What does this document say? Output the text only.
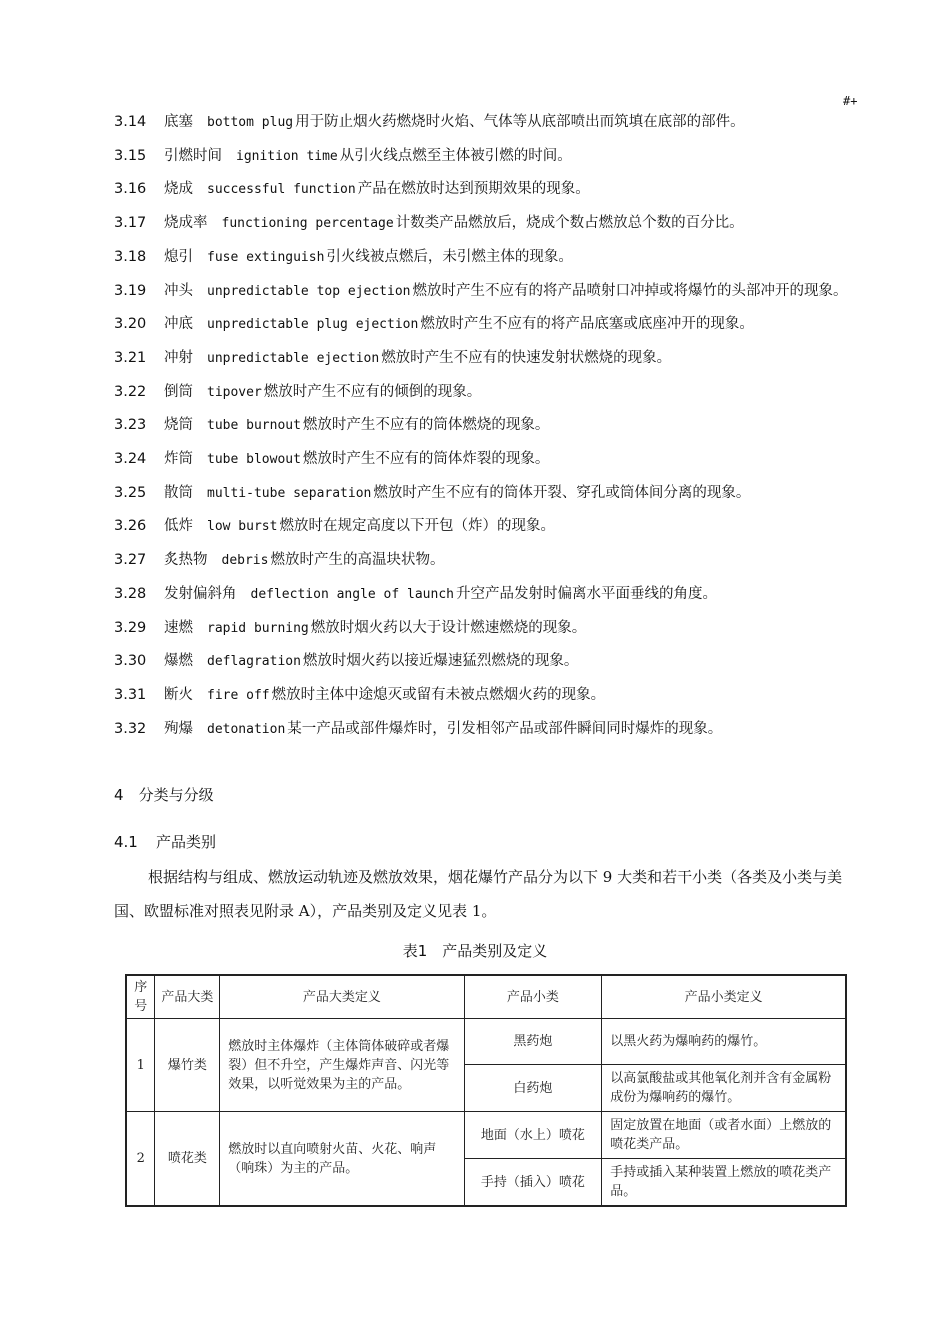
#+
3.14 底塞 bottom plug 用于防止烟火药燃烧时火焰、气体等从底部喷出而筑填在底部的部件。
3.15 引燃时间 ignition time 从引火线点燃至主体被引燃的时间。
3.16 烧成 successful function 产品在燃放时达到预期效果的现象。
3.17 烧成率 functioning percentage 计数类产品燃放后，烧成个数占燃放总个数的百分比。
3.18 熄引 fuse extinguish 引火线被点燃后，未引燃主体的现象。
3.19 冲头 unpredictable top ejection 燃放时产生不应有的将产品喷射口冲掉或将爆竹的头部冲开的现象。
3.20 冲底 unpredictable plug ejection 燃放时产生不应有的将产品底塞或底座冲开的现象。
3.21 冲射 unpredictable ejection 燃放时产生不应有的快速发射状燃烧的现象。
3.22 倒筒 tipover 燃放时产生不应有的倾倒的现象。
3.23 烧筒 tube burnout 燃放时产生不应有的筒体燃烧的现象。
3.24 炸筒 tube blowout 燃放时产生不应有的筒体炸裂的现象。
3.25 散筒 multi-tube separation 燃放时产生不应有的筒体开裂、穿孔或筒体间分离的现象。
3.26 低炸 low burst 燃放时在规定高度以下开包（炸）的现象。
3.27 炙热物 debris 燃放时产生的高温块状物。
3.28 发射偏斜角 deflection angle of launch 升空产品发射时偏离水平面垂线的角度。
3.29 速燃 rapid burning 燃放时烟火药以大于设计燃速燃烧的现象。
3.30 爆燃 deflagration 燃放时烟火药以接近爆速猛烈燃烧的现象。
3.31 断火 fire off 燃放时主体中途熄灭或留有未被点燃烟火药的现象。
3.32 殉爆 detonation 某一产品或部件爆炸时，引发相邻产品或部件瞬间同时爆炸的现象。
4　 分类与分级
4.1 产品类别
根据结构与组成、燃放运动轨迹及燃放效果，烟花爆竹产品分为以下 9 大类和若干小类（各类及小类与美国、欧盟标准对照表见附录 A），产品类别及定义见表 1。
表1　产品类别及定义
序号	产品大类	产品大类定义	产品小类	产品小类定义
1	爆竹类	燃放时主体爆炸（主体筒体破碎或者爆裂）但不升空，产生爆炸声音、闪光等效果，以听觉效果为主的产品。	黑药炮	以黑火药为爆响药的爆竹。
			白药炮	以高氯酸盐或其他氧化剂并含有金属粉成份为爆响药的爆竹。
2	喷花类	燃放时以直向喷射火苗、火花、响声（响珠）为主的产品。	地面（水上）喷花	固定放置在地面（或者水面）上燃放的喷花类产品。
			手持（插入）喷花	手持或插入某种装置上燃放的喷花类产品。
